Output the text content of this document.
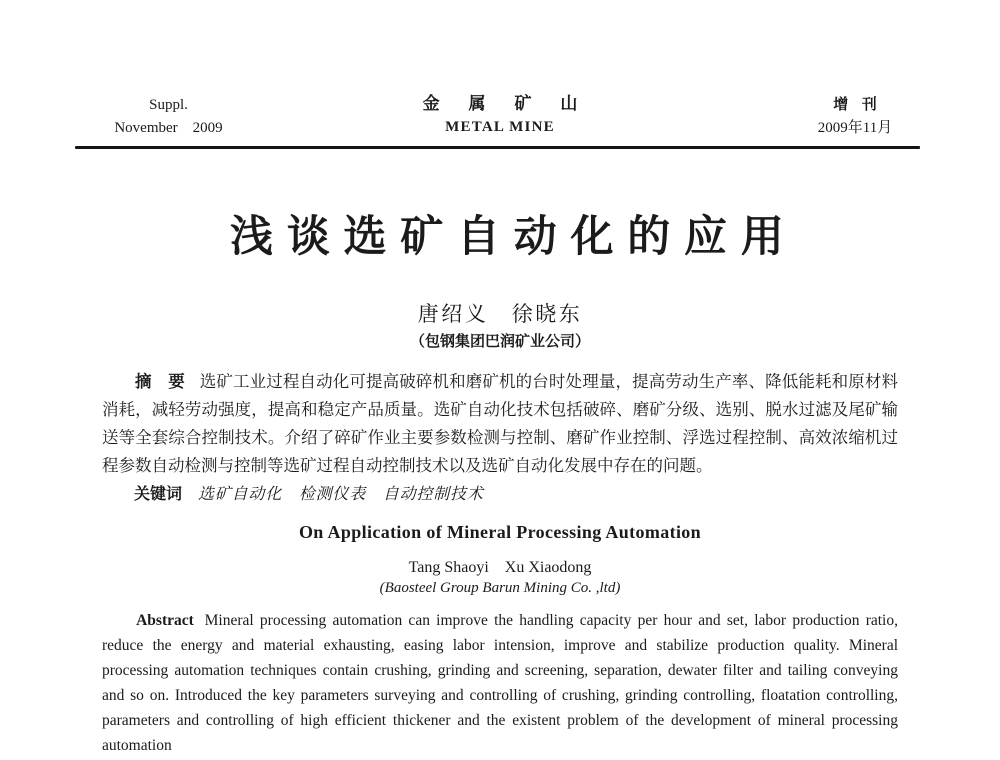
Suppl.
November　2009
金属矿山
METAL MINE
增刊
2009年11月
浅谈选矿自动化的应用
唐绍义　徐晓东
（包钢集团巴润矿业公司）

摘　要 选矿工业过程自动化可提高破碎机和磨矿机的台时处理量，提高劳动生产率、降低能耗和原材料消耗，减轻劳动强度，提高和稳定产品质量。选矿自动化技术包括破碎、磨矿分级、选别、脱水过滤及尾矿输送等全套综合控制技术。介绍了碎矿作业主要参数检测与控制、磨矿作业控制、浮选过程控制、高效浓缩机过程参数自动检测与控制等选矿过程自动控制技术以及选矿自动化发展中存在的问题。

关键词 选矿自动化　检测仪表　自动控制技术

On Application of Mineral Processing Automation

Tang Shaoyi　Xu Xiaodong

(Baosteel Group Barun Mining Co. ,ltd)

Abstract Mineral processing automation can improve the handling capacity per hour and set, labor production ratio, reduce the energy and material exhausting, easing labor intension, improve and stabilize production quality. Mineral processing automation techniques contain crushing, grinding and screening, separation, dewater filter and tailing conveying and so on. Introduced the key parameters surveying and controlling of crushing, grinding controlling, floatation controlling, parameters and controlling of high efficient thickener and the existent problem of the development of mineral processing automation
